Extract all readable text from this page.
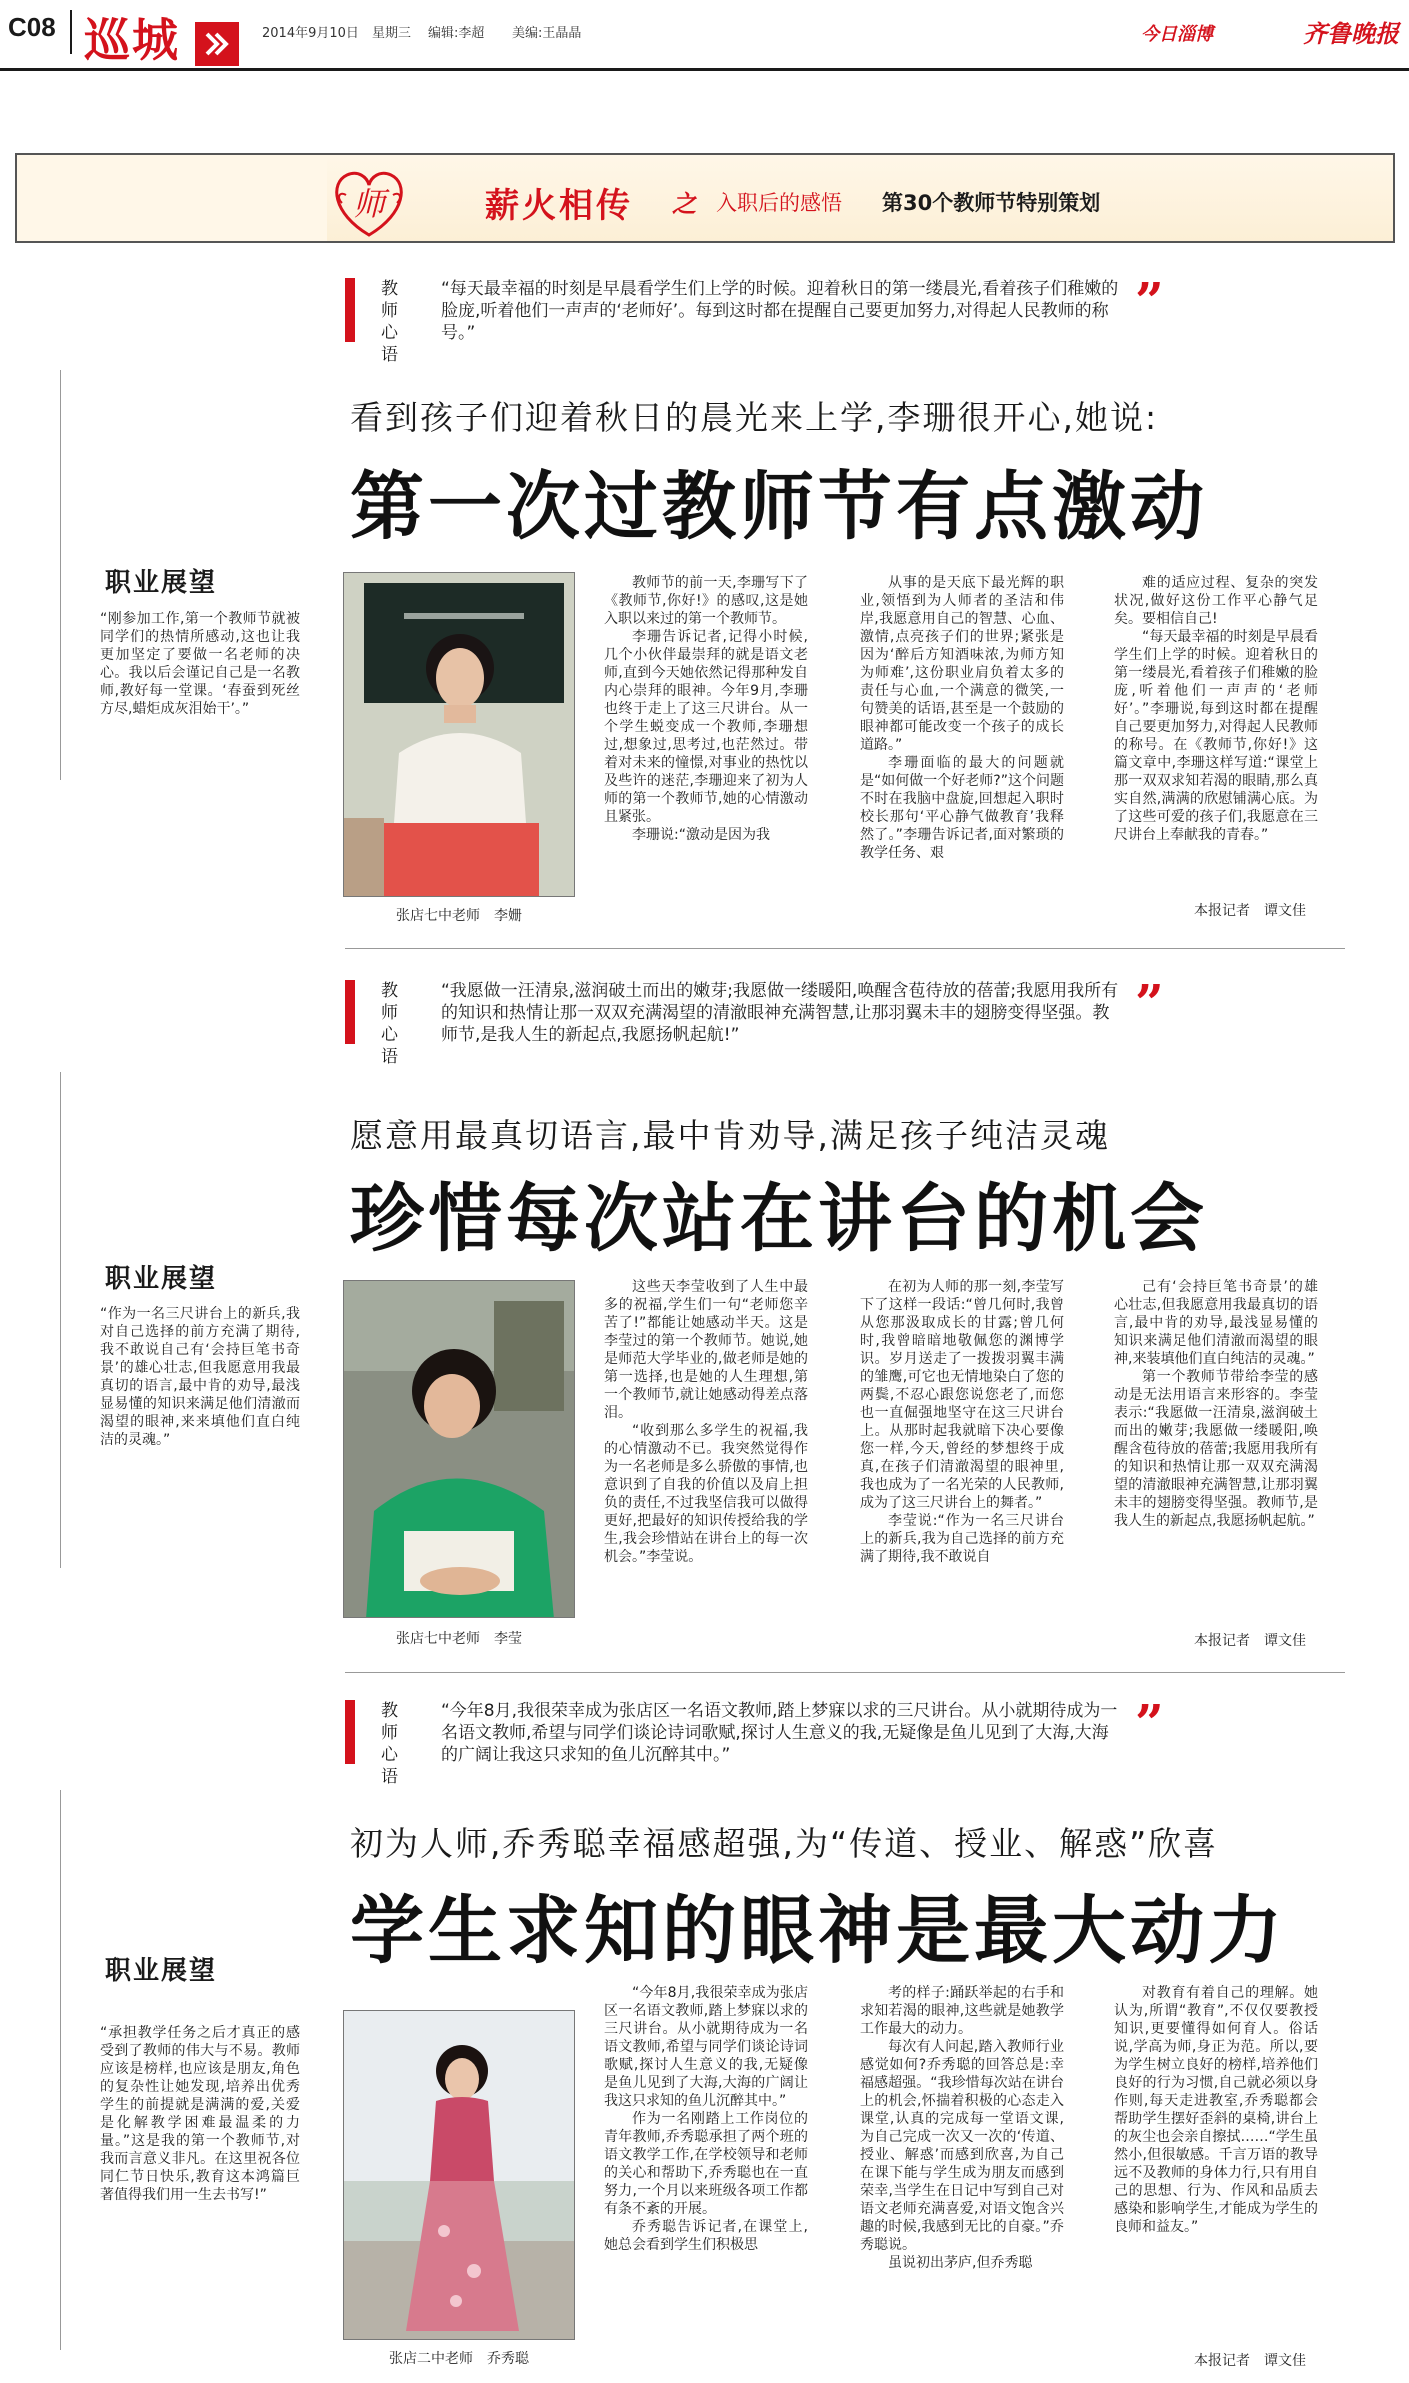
C08 巡城	2014年9月10日 星期三 编辑:李超 美编:王晶晶	今日淄博	齐鲁晚报
师	薪火相传 之 入职后的感悟 第30个教师节特别策划
教师心语
“每天最幸福的时刻是早晨看学生们上学的时候。迎着秋日的第一缕晨光,看着孩子们稚嫩的脸庞,听着他们一声声的‘老师好’。每到这时都在提醒自己要更加努力,对得起人民教师的称号。”
”
看到孩子们迎着秋日的晨光来上学,李珊很开心,她说:
第一次过教师节有点激动
职业展望
“刚参加工作,第一个教师节就被同学们的热情所感动,这也让我更加坚定了要做一名老师的决心。我以后会谨记自己是一名教师,教好每一堂课。‘春蚕到死丝方尽,蜡炬成灰泪始干’。”
张店七中老师　李姗
教师节的前一天,李珊写下了《教师节,你好!》的感叹,这是她入职以来过的第一个教师节。
李珊告诉记者,记得小时候,几个小伙伴最崇拜的就是语文老师,直到今天她依然记得那种发自内心崇拜的眼神。今年9月,李珊也终于走上了这三尺讲台。从一个学生蜕变成一个教师,李珊想过,想象过,思考过,也茫然过。带着对未来的憧憬,对事业的热忱以及些许的迷茫,李珊迎来了初为人师的第一个教师节,她的心情激动且紧张。
李珊说:“激动是因为我
从事的是天底下最光辉的职业,领悟到为人师者的圣洁和伟岸,我愿意用自己的智慧、心血、激情,点亮孩子们的世界;紧张是因为‘醉后方知酒味浓,为师方知为师难’,这份职业肩负着太多的责任与心血,一个满意的微笑,一句赞美的话语,甚至是一个鼓励的眼神都可能改变一个孩子的成长道路。”
李珊面临的最大的问题就是“如何做一个好老师?”这个问题不时在我脑中盘旋,回想起入职时校长那句‘平心静气做教育’我释然了。”李珊告诉记者,面对繁琐的教学任务、艰
难的适应过程、复杂的突发状况,做好这份工作平心静气足矣。要相信自己!
“每天最幸福的时刻是早晨看学生们上学的时候。迎着秋日的第一缕晨光,看着孩子们稚嫩的脸庞,听着他们一声声的‘老师好’。”李珊说,每到这时都在提醒自己要更加努力,对得起人民教师的称号。在《教师节,你好!》这篇文章中,李珊这样写道:“课堂上那一双双求知若渴的眼睛,那么真实自然,满满的欣慰铺满心底。为了这些可爱的孩子们,我愿意在三尺讲台上奉献我的青春。”
本报记者　谭文佳
教师心语
“我愿做一汪清泉,滋润破土而出的嫩芽;我愿做一缕暖阳,唤醒含苞待放的蓓蕾;我愿用我所有的知识和热情让那一双双充满渴望的清澈眼神充满智慧,让那羽翼未丰的翅膀变得坚强。教师节,是我人生的新起点,我愿扬帆起航!”
”
愿意用最真切语言,最中肯劝导,满足孩子纯洁灵魂
珍惜每次站在讲台的机会
职业展望
“作为一名三尺讲台上的新兵,我对自己选择的前方充满了期待,我不敢说自己有‘会持巨笔书奇景’的雄心壮志,但我愿意用我最真切的语言,最中肯的劝导,最浅显易懂的知识来满足他们清澈而渴望的眼神,来来填他们直白纯洁的灵魂。”
张店七中老师　李莹
这些天李莹收到了人生中最多的祝福,学生们一句“老师您辛苦了!”都能让她感动半天。这是李莹过的第一个教师节。她说,她是师范大学毕业的,做老师是她的第一选择,也是她的人生理想,第一个教师节,就让她感动得差点落泪。
“收到那么多学生的祝福,我的心情激动不已。我突然觉得作为一名老师是多么骄傲的事情,也意识到了自我的价值以及肩上担负的责任,不过我坚信我可以做得更好,把最好的知识传授给我的学生,我会珍惜站在讲台上的每一次机会。”李莹说。
在初为人师的那一刻,李莹写下了这样一段话:“曾几何时,我曾从您那汲取成长的甘露;曾几何时,我曾暗暗地敬佩您的渊博学识。岁月送走了一拨拨羽翼丰满的雏鹰,可它也无情地染白了您的两鬓,不忍心跟您说您老了,而您也一直倔强地坚守在这三尺讲台上。从那时起我就暗下决心要像您一样,今天,曾经的梦想终于成真,在孩子们清澈渴望的眼神里,我也成为了一名光荣的人民教师,成为了这三尺讲台上的舞者。”
李莹说:“作为一名三尺讲台上的新兵,我为自己选择的前方充满了期待,我不敢说自
己有‘会持巨笔书奇景’的雄心壮志,但我愿意用我最真切的语言,最中肯的劝导,最浅显易懂的知识来满足他们清澈而渴望的眼神,来装填他们直白纯洁的灵魂。”
第一个教师节带给李莹的感动是无法用语言来形容的。李莹表示:“我愿做一汪清泉,滋润破土而出的嫩芽;我愿做一缕暖阳,唤醒含苞待放的蓓蕾;我愿用我所有的知识和热情让那一双双充满渴望的清澈眼神充满智慧,让那羽翼未丰的翅膀变得坚强。教师节,是我人生的新起点,我愿扬帆起航。”
本报记者　谭文佳
教师心语
“今年8月,我很荣幸成为张店区一名语文教师,踏上梦寐以求的三尺讲台。从小就期待成为一名语文教师,希望与同学们谈论诗词歌赋,探讨人生意义的我,无疑像是鱼儿见到了大海,大海的广阔让我这只求知的鱼儿沉醉其中。”
”
初为人师,乔秀聪幸福感超强,为“传道、授业、解惑”欣喜
学生求知的眼神是最大动力
职业展望
“承担教学任务之后才真正的感受到了教师的伟大与不易。教师应该是榜样,也应该是朋友,角色的复杂性让她发现,培养出优秀学生的前提就是满满的爱,关爱是化解教学困难最温柔的力量。”这是我的第一个教师节,对我而言意义非凡。在这里祝各位同仁节日快乐,教育这本鸿篇巨著值得我们用一生去书写!”
张店二中老师　乔秀聪
“今年8月,我很荣幸成为张店区一名语文教师,踏上梦寐以求的三尺讲台。从小就期待成为一名语文教师,希望与同学们谈论诗词歌赋,探讨人生意义的我,无疑像是鱼儿见到了大海,大海的广阔让我这只求知的鱼儿沉醉其中。”
作为一名刚踏上工作岗位的青年教师,乔秀聪承担了两个班的语文教学工作,在学校领导和老师的关心和帮助下,乔秀聪也在一直努力,一个月以来班级各项工作都有条不紊的开展。
乔秀聪告诉记者,在课堂上,她总会看到学生们积极思
考的样子:踊跃举起的右手和求知若渴的眼神,这些就是她教学工作最大的动力。
每次有人问起,踏入教师行业感觉如何?乔秀聪的回答总是:幸福感超强。“我珍惜每次站在讲台上的机会,怀揣着积极的心态走入课堂,认真的完成每一堂语文课,为自己完成一次又一次的‘传道、授业、解惑’而感到欣喜,为自己在课下能与学生成为朋友而感到荣幸,当学生在日记中写到自己对语文老师充满喜爱,对语文饱含兴趣的时候,我感到无比的自豪。”乔秀聪说。
虽说初出茅庐,但乔秀聪
对教育有着自己的理解。她认为,所谓“教育”,不仅仅要教授知识,更要懂得如何育人。俗话说,学高为师,身正为范。所以,要为学生树立良好的榜样,培养他们良好的行为习惯,自己就必须以身作则,每天走进教室,乔秀聪都会帮助学生摆好歪斜的桌椅,讲台上的灰尘也会亲自擦拭……“学生虽然小,但很敏感。千言万语的教导远不及教师的身体力行,只有用自己的思想、行为、作风和品质去感染和影响学生,才能成为学生的良师和益友。”
本报记者　谭文佳
